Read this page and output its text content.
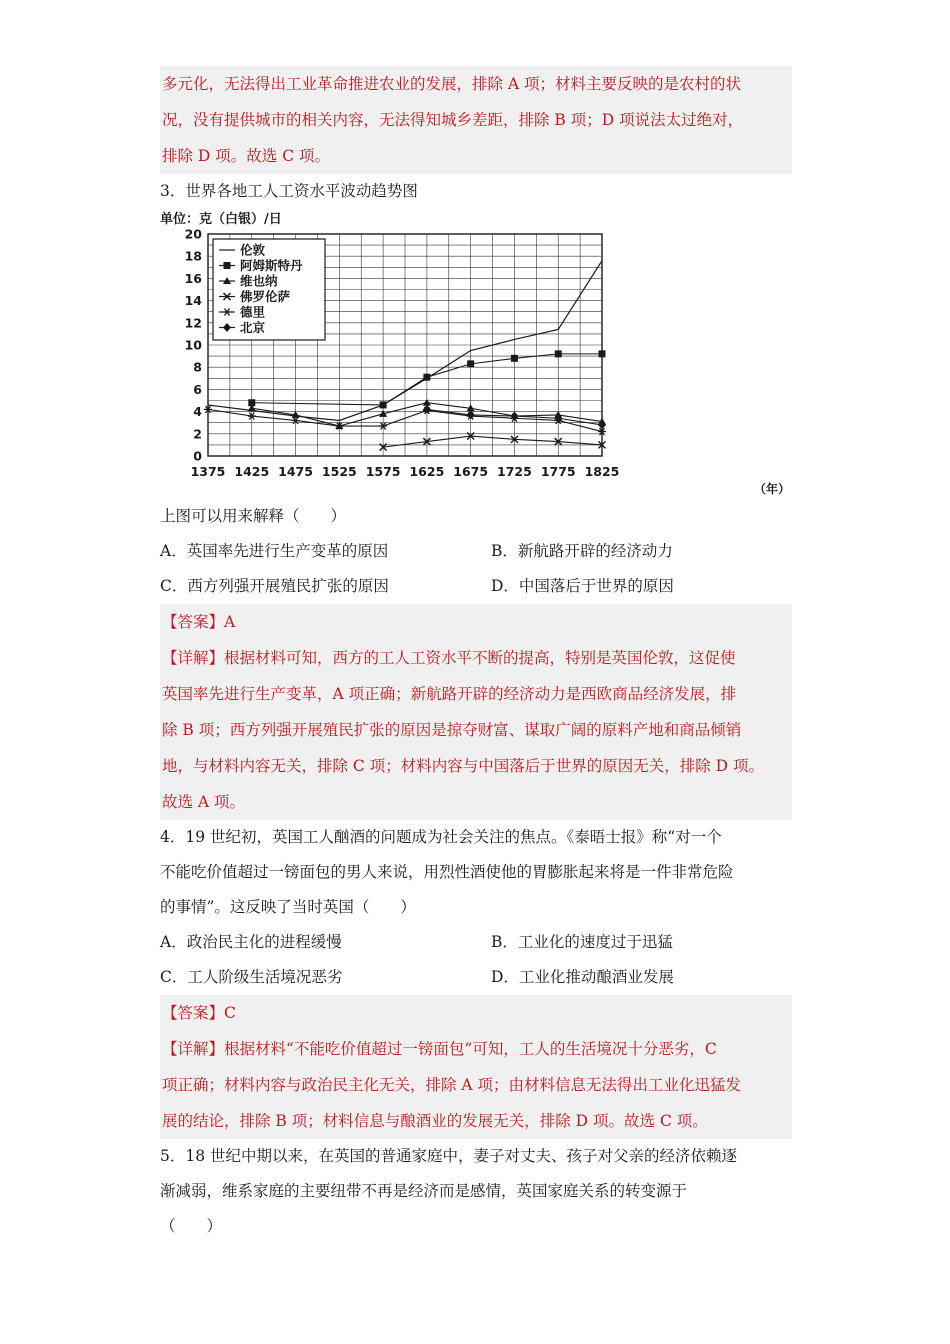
多元化，无法得出工业革命推进农业的发展，排除 A 项；材料主要反映的是农村的状
况，没有提供城市的相关内容，无法得知城乡差距，排除 B 项；D 项说法太过绝对，
排除 D 项。故选 C 项。
3．世界各地工人工资水平波动趋势图
单位：克（白银）/日
0
2
4
6
8
10
12
14
16
18
20
1375 1425 1475 1525 1575 1625 1675 1725 1775 1825
（年）
伦敦
阿姆斯特丹
维也纳
佛罗伦萨
德里
北京
上图可以用来解释（　　）
A．英国率先进行生产变革的原因	B．新航路开辟的经济动力
C．西方列强开展殖民扩张的原因	D．中国落后于世界的原因
【答案】A
【详解】根据材料可知，西方的工人工资水平不断的提高，特别是英国伦敦，这促使
英国率先进行生产变革，A 项正确；新航路开辟的经济动力是西欧商品经济发展，排
除 B 项；西方列强开展殖民扩张的原因是掠夺财富、谋取广阔的原料产地和商品倾销
地，与材料内容无关，排除 C 项；材料内容与中国落后于世界的原因无关，排除 D 项。
故选 A 项。
4．19 世纪初，英国工人酗酒的问题成为社会关注的焦点。《泰晤士报》称“对一个
不能吃价值超过一镑面包的男人来说，用烈性酒使他的胃膨胀起来将是一件非常危险
的事情”。这反映了当时英国（　　）
A．政治民主化的进程缓慢	B．工业化的速度过于迅猛
C．工人阶级生活境况恶劣	D．工业化推动酿酒业发展
【答案】C
【详解】根据材料“不能吃价值超过一镑面包”可知，工人的生活境况十分恶劣，C
项正确；材料内容与政治民主化无关，排除 A 项；由材料信息无法得出工业化迅猛发
展的结论，排除 B 项；材料信息与酿酒业的发展无关，排除 D 项。故选 C 项。
5．18 世纪中期以来，在英国的普通家庭中，妻子对丈夫、孩子对父亲的经济依赖逐
渐减弱，维系家庭的主要纽带不再是经济而是感情，英国家庭关系的转变源于
（　　）
